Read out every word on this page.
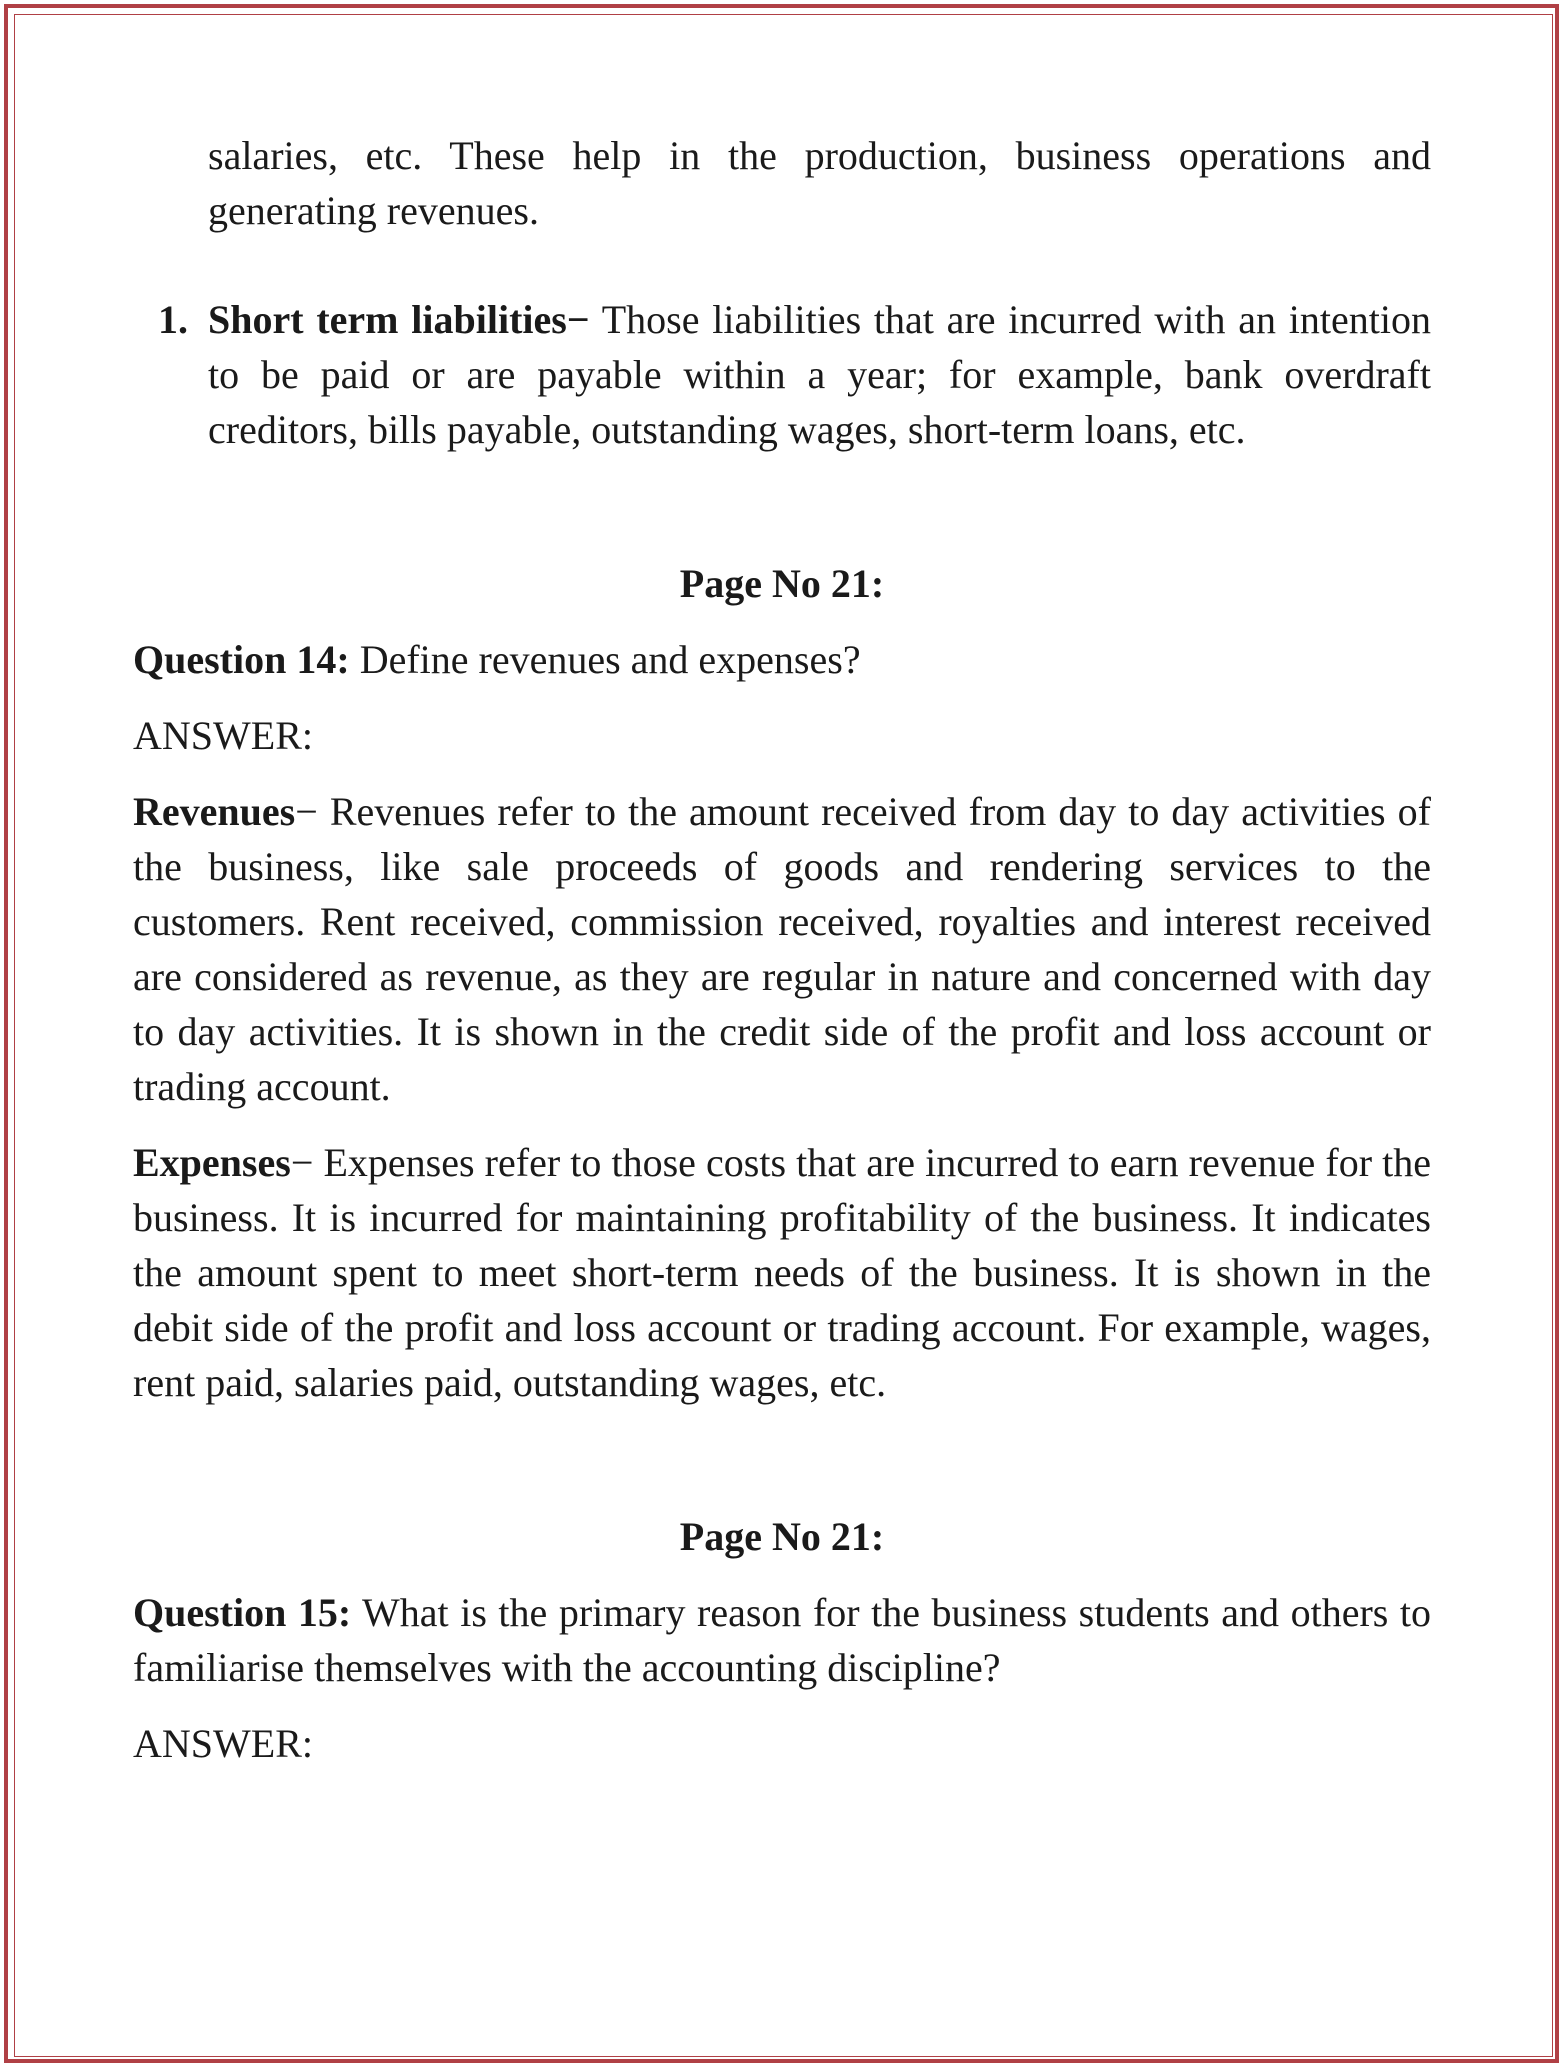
salaries, etc. These help in the production, business operations and generating revenues.

1. Short term liabilities− Those liabilities that are incurred with an intention to be paid or are payable within a year; for example, bank overdraft creditors, bills payable, outstanding wages, short-term loans, etc.

Page No 21:

Question 14: Define revenues and expenses?

ANSWER:

Revenues− Revenues refer to the amount received from day to day activities of the business, like sale proceeds of goods and rendering services to the customers. Rent received, commission received, royalties and interest received are considered as revenue, as they are regular in nature and concerned with day to day activities. It is shown in the credit side of the profit and loss account or trading account.

Expenses− Expenses refer to those costs that are incurred to earn revenue for the business. It is incurred for maintaining profitability of the business. It indicates the amount spent to meet short-term needs of the business. It is shown in the debit side of the profit and loss account or trading account. For example, wages, rent paid, salaries paid, outstanding wages, etc.

Page No 21:

Question 15: What is the primary reason for the business students and others to familiarise themselves with the accounting discipline?

ANSWER:
